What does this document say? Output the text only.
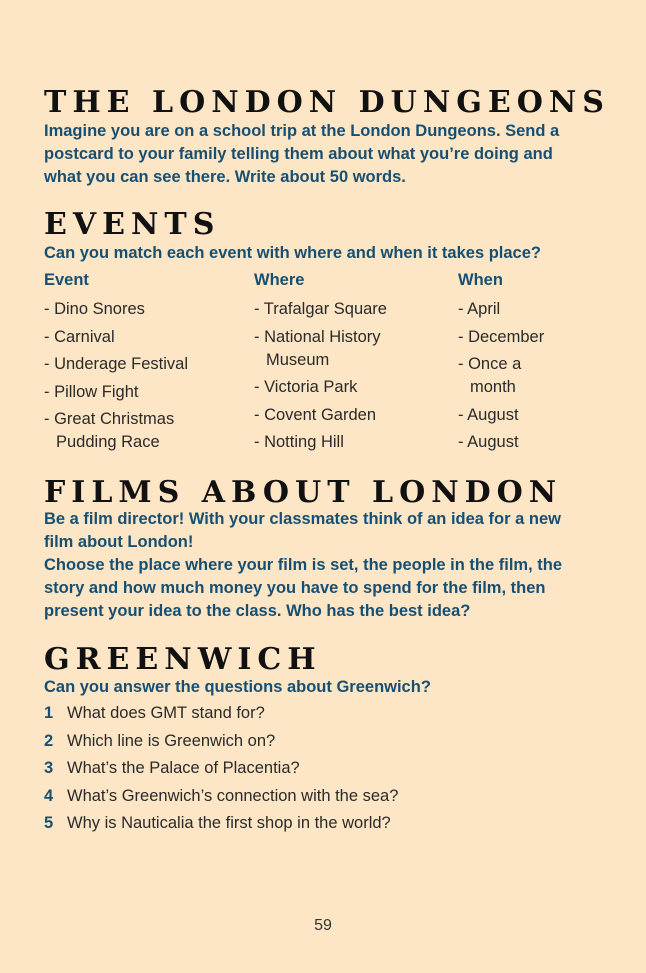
THE LONDON DUNGEONS

Imagine you are on a school trip at the London Dungeons. Send a postcard to your family telling them about what you’re doing and what you can see there. Write about 50 words.

EVENTS

Can you match each event with where and when it takes place?

Event
- Dino Snores
- Carnival
- Underage Festival
- Pillow Fight
- Great Christmas Pudding Race
Where
- Trafalgar Square
- National History Museum
- Victoria Park
- Covent Garden
- Notting Hill
When
- April
- December
- Once a month
- August
- August
FILMS ABOUT LONDON

Be a film director! With your classmates think of an idea for a new film about London!

Choose the place where your film is set, the people in the film, the story and how much money you have to spend for the film, then present your idea to the class. Who has the best idea?

GREENWICH

Can you answer the questions about Greenwich?

1 What does GMT stand for?
2 Which line is Greenwich on?
3 What’s the Palace of Placentia?
4 What’s Greenwich’s connection with the sea?
5 Why is Nauticalia the first shop in the world?
59
